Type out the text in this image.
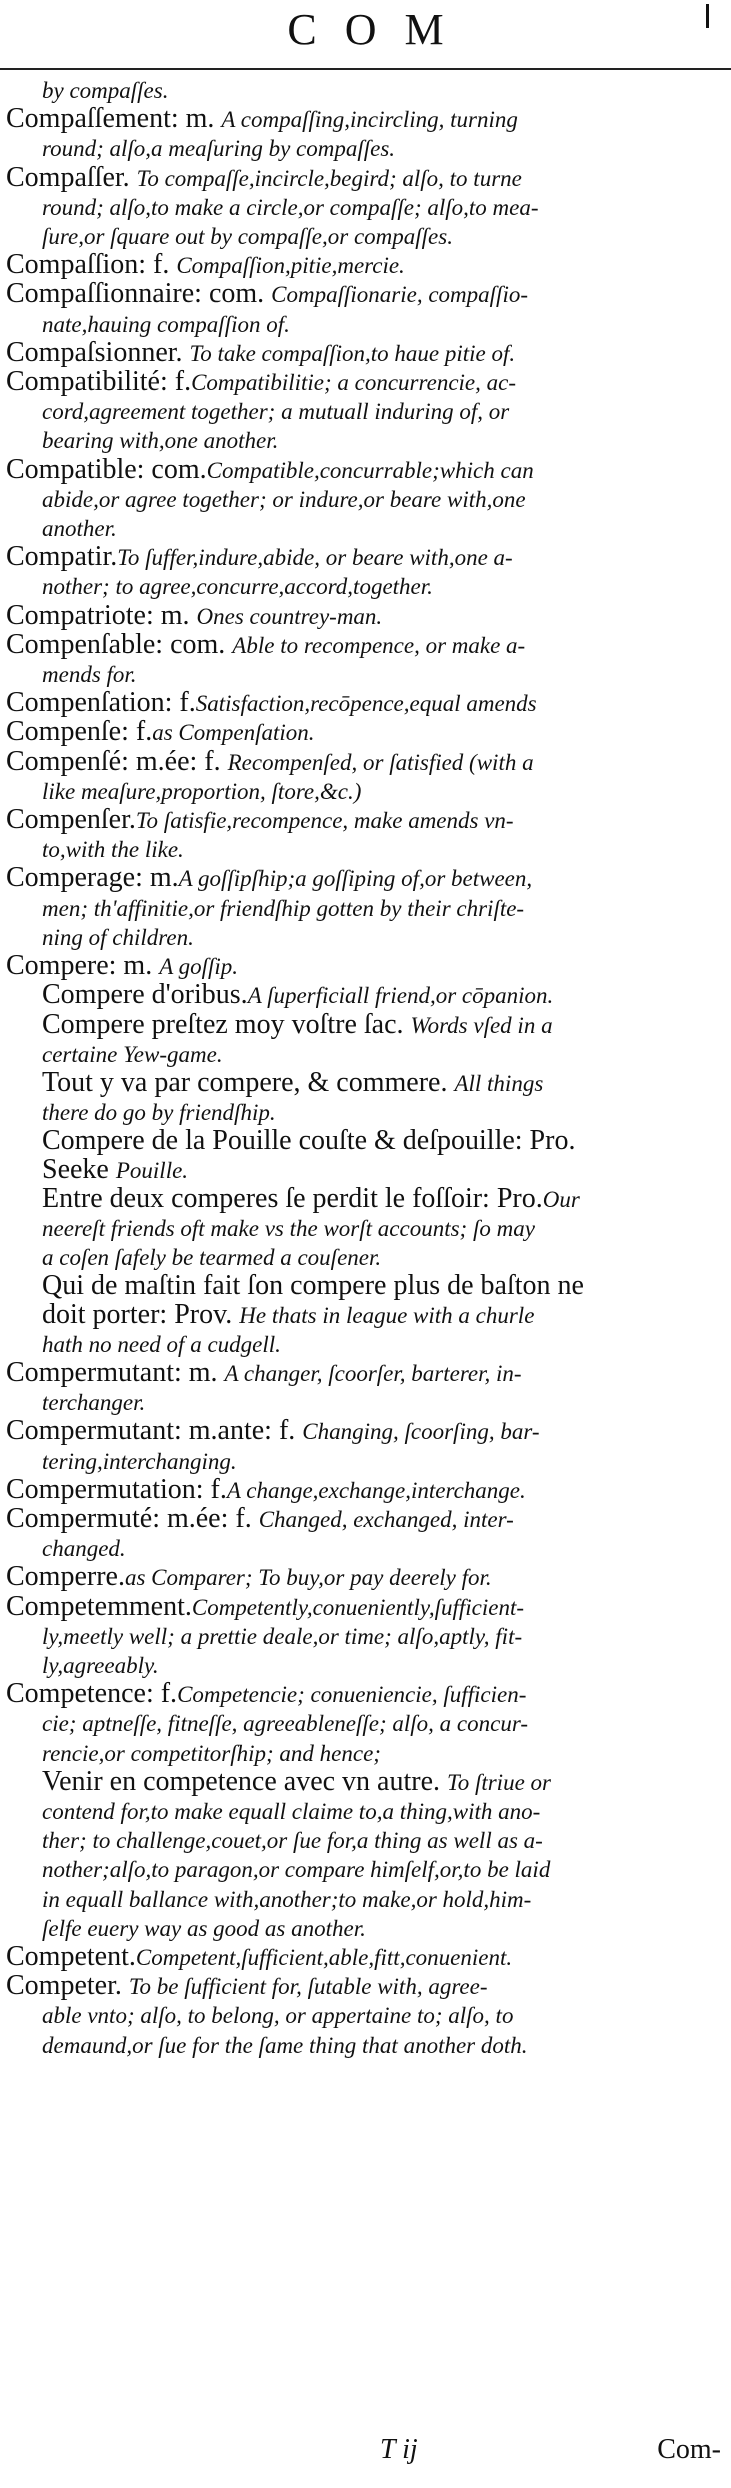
COM

by compaſſes.

Compaſſement: m. A compaſſing,incircling, turning
round; alſo,a meaſuring by compaſſes.

Compaſſer. To compaſſe,incircle,begird; alſo, to turne
round; alſo,to make a circle,or compaſſe; alſo,to mea-
ſure,or ſquare out by compaſſe,or compaſſes.

Compaſſion: f. Compaſſion,pitie,mercie.

Compaſſionnaire: com. Compaſſionarie, compaſſio-
nate,hauing compaſſion of.

Compaſsionner. To take compaſſion,to haue pitie of.

Compatibilité: f.Compatibilitie; a concurrencie, ac-
cord,agreement together; a mutuall induring of, or
bearing with,one another.

Compatible: com.Compatible,concurrable;which can
abide,or agree together; or indure,or beare with,one
another.

Compatir.To ſuffer,indure,abide, or beare with,one a-
nother; to agree,concurre,accord,together.

Compatriote: m. Ones countrey-man.

Compenſable: com. Able to recompence, or make a-
mends for.

Compenſation: f.Satisfaction,recōpence,equal amends

Compenſe: f.as Compenſation.

Compenſé: m.ée: f. Recompenſed, or ſatisfied (with a
like meaſure,proportion, ſtore,&c.)

Compenſer.To ſatisfie,recompence, make amends vn-
to,with the like.

Comperage: m.A goſſipſhip;a goſſiping of,or between,
men; th'affinitie,or friendſhip gotten by their chriſte-
ning of children.

Compere: m. A goſſip.

Compere d'oribus.A ſuperficiall friend,or cōpanion.

Compere preſtez moy voſtre ſac. Words vſed in a
certaine Yew-game.

Tout y va par compere, & commere. All things
there do go by friendſhip.

Compere de la Pouille couſte & deſpouille: Pro.
Seeke Pouille.

Entre deux comperes ſe perdit le foſſoir: Pro.Our
neereſt friends oft make vs the worſt accounts; ſo may
a coſen ſafely be tearmed a couſener.

Qui de maſtin fait ſon compere plus de baſton ne
doit porter: Prov. He thats in league with a churle
hath no need of a cudgell.

Compermutant: m. A changer, ſcoorſer, barterer, in-
terchanger.

Compermutant: m.ante: f. Changing, ſcoorſing, bar-
tering,interchanging.

Compermutation: f.A change,exchange,interchange.

Compermuté: m.ée: f. Changed, exchanged, inter-
changed.

Comperre.as Comparer; To buy,or pay deerely for.

Competemment.Competently,conueniently,ſufficient-
ly,meetly well; a prettie deale,or time; alſo,aptly, fit-
ly,agreeably.

Competence: f.Competencie; conueniencie, ſufficien-
cie; aptneſſe, fitneſſe, agreeableneſſe; alſo, a concur-
rencie,or competitorſhip; and hence;

Venir en competence avec vn autre. To ſtriue or
contend for,to make equall claime to,a thing,with ano-
ther; to challenge,couet,or ſue for,a thing as well as a-
nother;alſo,to paragon,or compare himſelf,or,to be laid
in equall ballance with,another;to make,or hold,him-
ſelfe euery way as good as another.

Competent.Competent,ſufficient,able,fitt,conuenient.

Competer. To be ſufficient for, ſutable with, agree-
able vnto; alſo, to belong, or appertaine to; alſo, to
demaund,or ſue for the ſame thing that another doth.

T ij	Com-
